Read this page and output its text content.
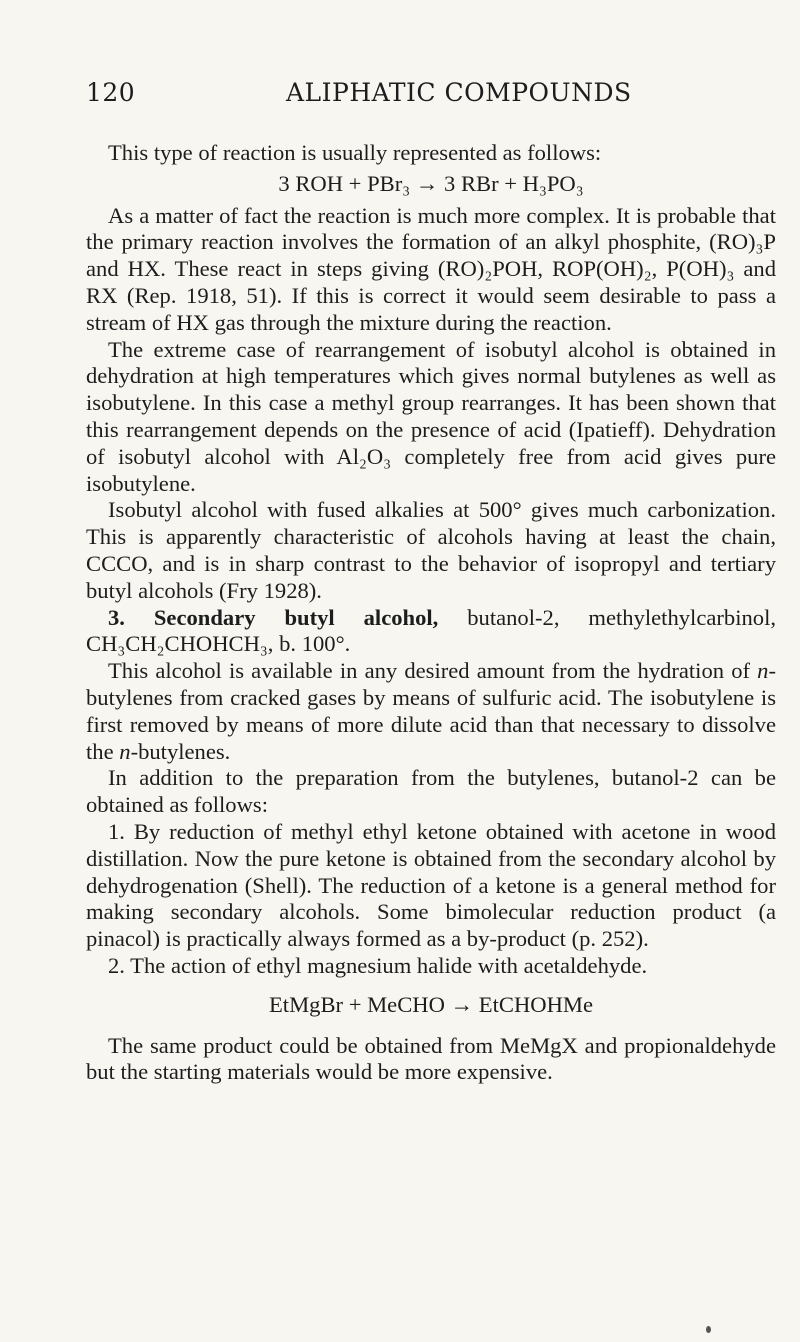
120	ALIPHATIC COMPOUNDS

This type of reaction is usually represented as follows:

3 ROH + PBr₃ → 3 RBr + H₃PO₃

As a matter of fact the reaction is much more complex. It is probable that the primary reaction involves the formation of an alkyl phosphite, (RO)₃P and HX. These react in steps giving (RO)₂POH, ROP(OH)₂, P(OH)₃ and RX (Rep. 1918, 51). If this is correct it would seem desirable to pass a stream of HX gas through the mixture during the reaction.

The extreme case of rearrangement of isobutyl alcohol is obtained in dehydration at high temperatures which gives normal butylenes as well as isobutylene. In this case a methyl group rearranges. It has been shown that this rearrangement depends on the presence of acid (Ipatieff). Dehydration of isobutyl alcohol with Al₂O₃ completely free from acid gives pure isobutylene.

Isobutyl alcohol with fused alkalies at 500° gives much carbonization. This is apparently characteristic of alcohols having at least the chain, CCCO, and is in sharp contrast to the behavior of isopropyl and tertiary butyl alcohols (Fry 1928).

3. Secondary butyl alcohol, butanol-2, methylethylcarbinol, CH₃CH₂CHOHCH₃, b. 100°.

This alcohol is available in any desired amount from the hydration of n-butylenes from cracked gases by means of sulfuric acid. The isobutylene is first removed by means of more dilute acid than that necessary to dissolve the n-butylenes.

In addition to the preparation from the butylenes, butanol-2 can be obtained as follows:

1. By reduction of methyl ethyl ketone obtained with acetone in wood distillation. Now the pure ketone is obtained from the secondary alcohol by dehydrogenation (Shell). The reduction of a ketone is a general method for making secondary alcohols. Some bimolecular reduction product (a pinacol) is practically always formed as a by-product (p. 252).

2. The action of ethyl magnesium halide with acetaldehyde.

EtMgBr + MeCHO → EtCHOHMe

The same product could be obtained from MeMgX and propionaldehyde but the starting materials would be more expensive.
